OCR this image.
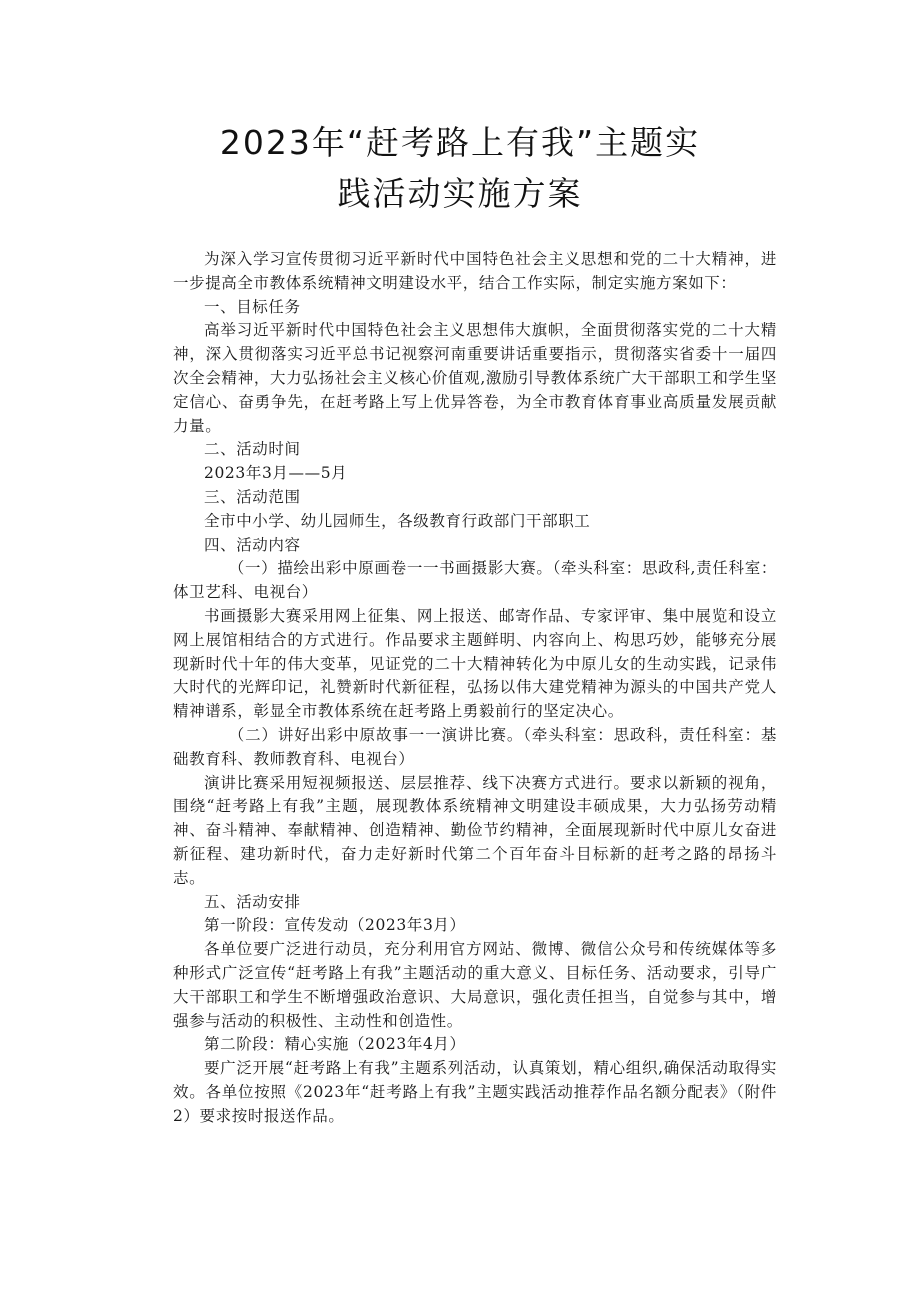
2023年“赶考路上有我”主题实
践活动实施方案

为深入学习宣传贯彻习近平新时代中国特色社会主义思想和党的二十大精神，进一步提高全市教体系统精神文明建设水平，结合工作实际，制定实施方案如下：

一、目标任务

高举习近平新时代中国特色社会主义思想伟大旗帜，全面贯彻落实党的二十大精神，深入贯彻落实习近平总书记视察河南重要讲话重要指示，贯彻落实省委十一届四次全会精神，大力弘扬社会主义核心价值观,激励引导教体系统广大干部职工和学生坚定信心、奋勇争先，在赶考路上写上优异答卷，为全市教育体育事业高质量发展贡献力量。

二、活动时间

2023年3月——5月

三、活动范围

全市中小学、幼儿园师生，各级教育行政部门干部职工

四、活动内容

（一）描绘出彩中原画卷一一书画摄影大赛。（牵头科室：思政科,责任科室：体卫艺科、电视台）

书画摄影大赛采用网上征集、网上报送、邮寄作品、专家评审、集中展览和设立网上展馆相结合的方式进行。作品要求主题鲜明、内容向上、构思巧妙，能够充分展现新时代十年的伟大变革，见证党的二十大精神转化为中原儿女的生动实践，记录伟大时代的光辉印记，礼赞新时代新征程，弘扬以伟大建党精神为源头的中国共产党人精神谱系，彰显全市教体系统在赶考路上勇毅前行的坚定决心。

（二）讲好出彩中原故事一一演讲比赛。（牵头科室：思政科，责任科室：基础教育科、教师教育科、电视台）

演讲比赛采用短视频报送、层层推荐、线下决赛方式进行。要求以新颖的视角，围绕“赶考路上有我”主题，展现教体系统精神文明建设丰硕成果，大力弘扬劳动精神、奋斗精神、奉献精神、创造精神、勤俭节约精神，全面展现新时代中原儿女奋进新征程、建功新时代，奋力走好新时代第二个百年奋斗目标新的赶考之路的昂扬斗志。

五、活动安排

第一阶段：宣传发动（2023年3月）

各单位要广泛进行动员，充分利用官方网站、微博、微信公众号和传统媒体等多种形式广泛宣传“赶考路上有我”主题活动的重大意义、目标任务、活动要求，引导广大干部职工和学生不断增强政治意识、大局意识，强化责任担当，自觉参与其中，增强参与活动的积极性、主动性和创造性。

第二阶段：精心实施（2023年4月）

要广泛开展“赶考路上有我”主题系列活动，认真策划，精心组织,确保活动取得实效。各单位按照《2023年“赶考路上有我”主题实践活动推荐作品名额分配表》（附件2）要求按时报送作品。
